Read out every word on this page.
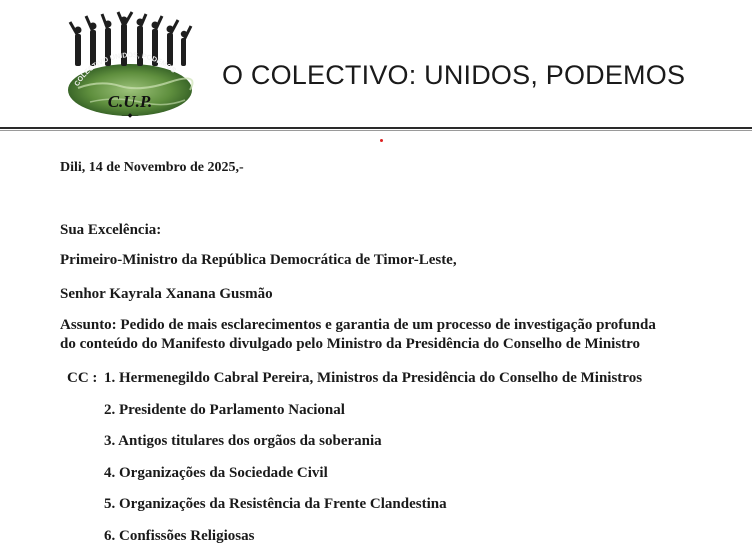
COLECTIVO UNIDOS, PODEMOS
C.U.P.
—◆—
O COLECTIVO: UNIDOS, PODEMOS
Dili, 14 de Novembro de 2025,-
Sua Excelência:
Primeiro-Ministro da República Democrática de Timor-Leste,
Senhor Kayrala Xanana Gusmão
Assunto: Pedido de mais esclarecimentos e garantia de um processo de investigação profunda
do conteúdo do Manifesto divulgado pelo Ministro da Presidência do Conselho de Ministro
CC : 1. Hermenegildo Cabral Pereira, Ministros da Presidência do Conselho de Ministros
2. Presidente do Parlamento Nacional
3. Antigos titulares dos orgãos da soberania
4. Organizações da Sociedade Civil
5. Organizações da Resistência da Frente Clandestina
6. Confissões Religiosas
